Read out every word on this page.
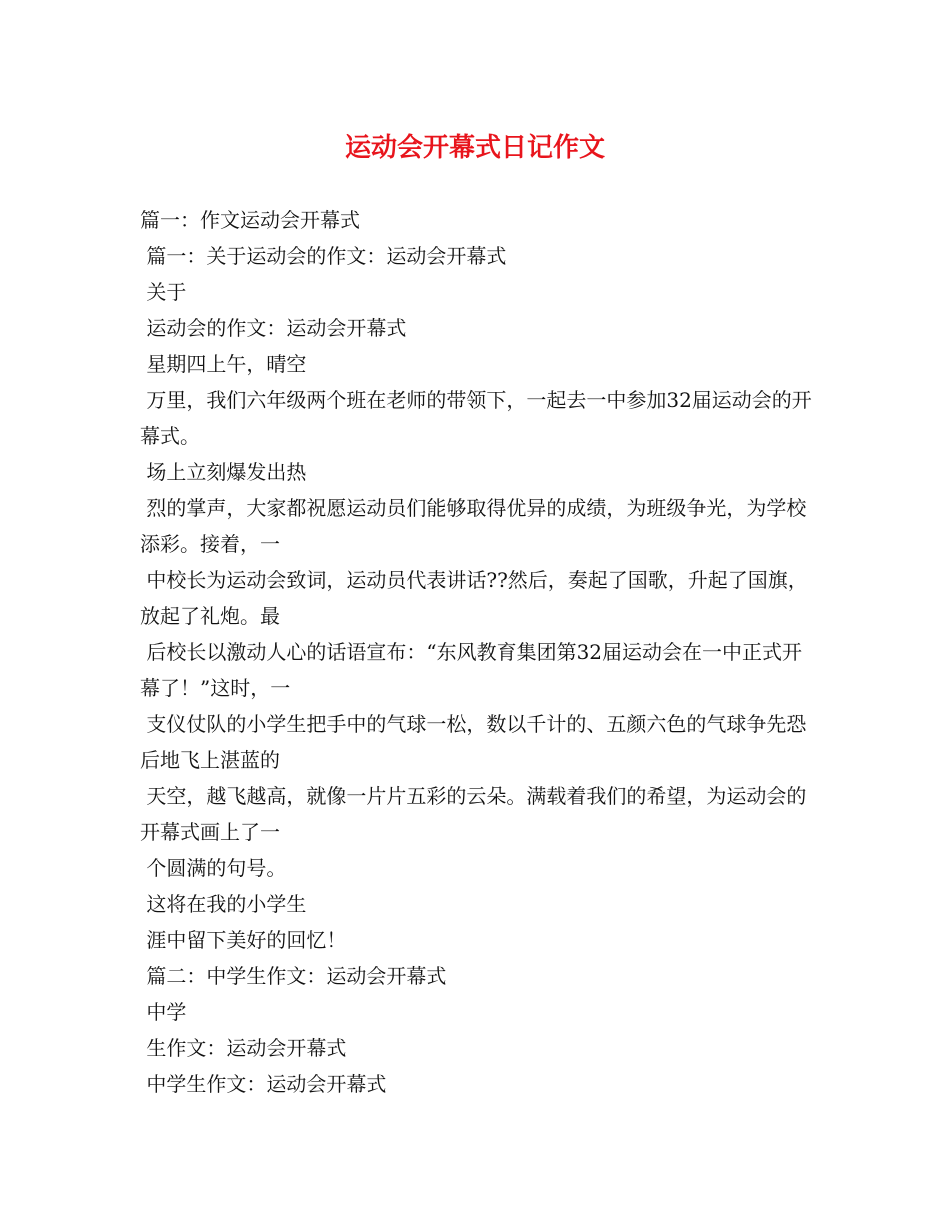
运动会开幕式日记作文

篇一：作文运动会开幕式

篇一：关于运动会的作文：运动会开幕式

关于

运动会的作文：运动会开幕式

星期四上午，晴空

万里，我们六年级两个班在老师的带领下，一起去一中参加32届运动会的开幕式。

场上立刻爆发出热

烈的掌声，大家都祝愿运动员们能够取得优异的成绩，为班级争光，为学校添彩。接着，一

中校长为运动会致词，运动员代表讲话??然后，奏起了国歌，升起了国旗，放起了礼炮。最

后校长以激动人心的话语宣布：“东风教育集团第32届运动会在一中正式开幕了！”这时，一

支仪仗队的小学生把手中的气球一松，数以千计的、五颜六色的气球争先恐后地飞上湛蓝的

天空，越飞越高，就像一片片五彩的云朵。满载着我们的希望，为运动会的开幕式画上了一

个圆满的句号。

这将在我的小学生

涯中留下美好的回忆！

篇二：中学生作文：运动会开幕式

中学

生作文：运动会开幕式

中学生作文：运动会开幕式
